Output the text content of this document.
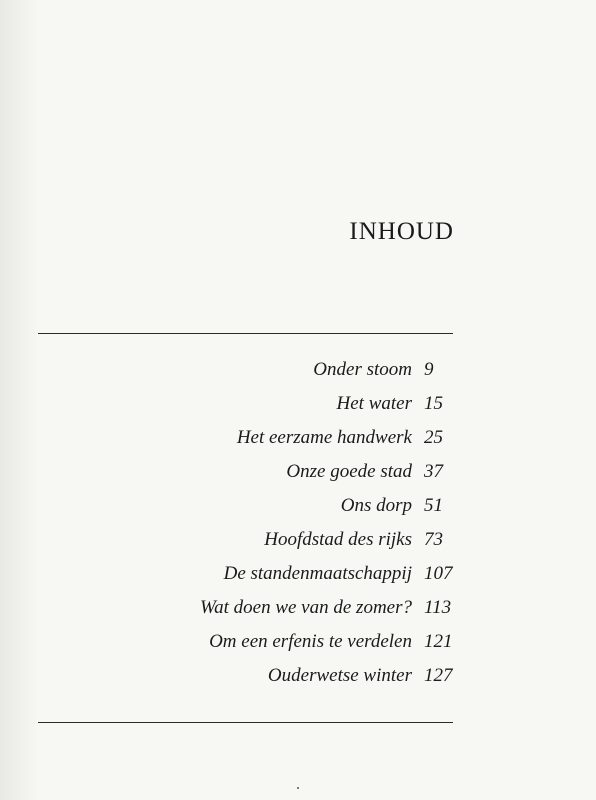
INHOUD
Onder stoom 9
Het water 15
Het eerzame handwerk 25
Onze goede stad 37
Ons dorp 51
Hoofdstad des rijks 73
De standenmaatschappij 107
Wat doen we van de zomer? 113
Om een erfenis te verdelen 121
Ouderwetse winter 127
